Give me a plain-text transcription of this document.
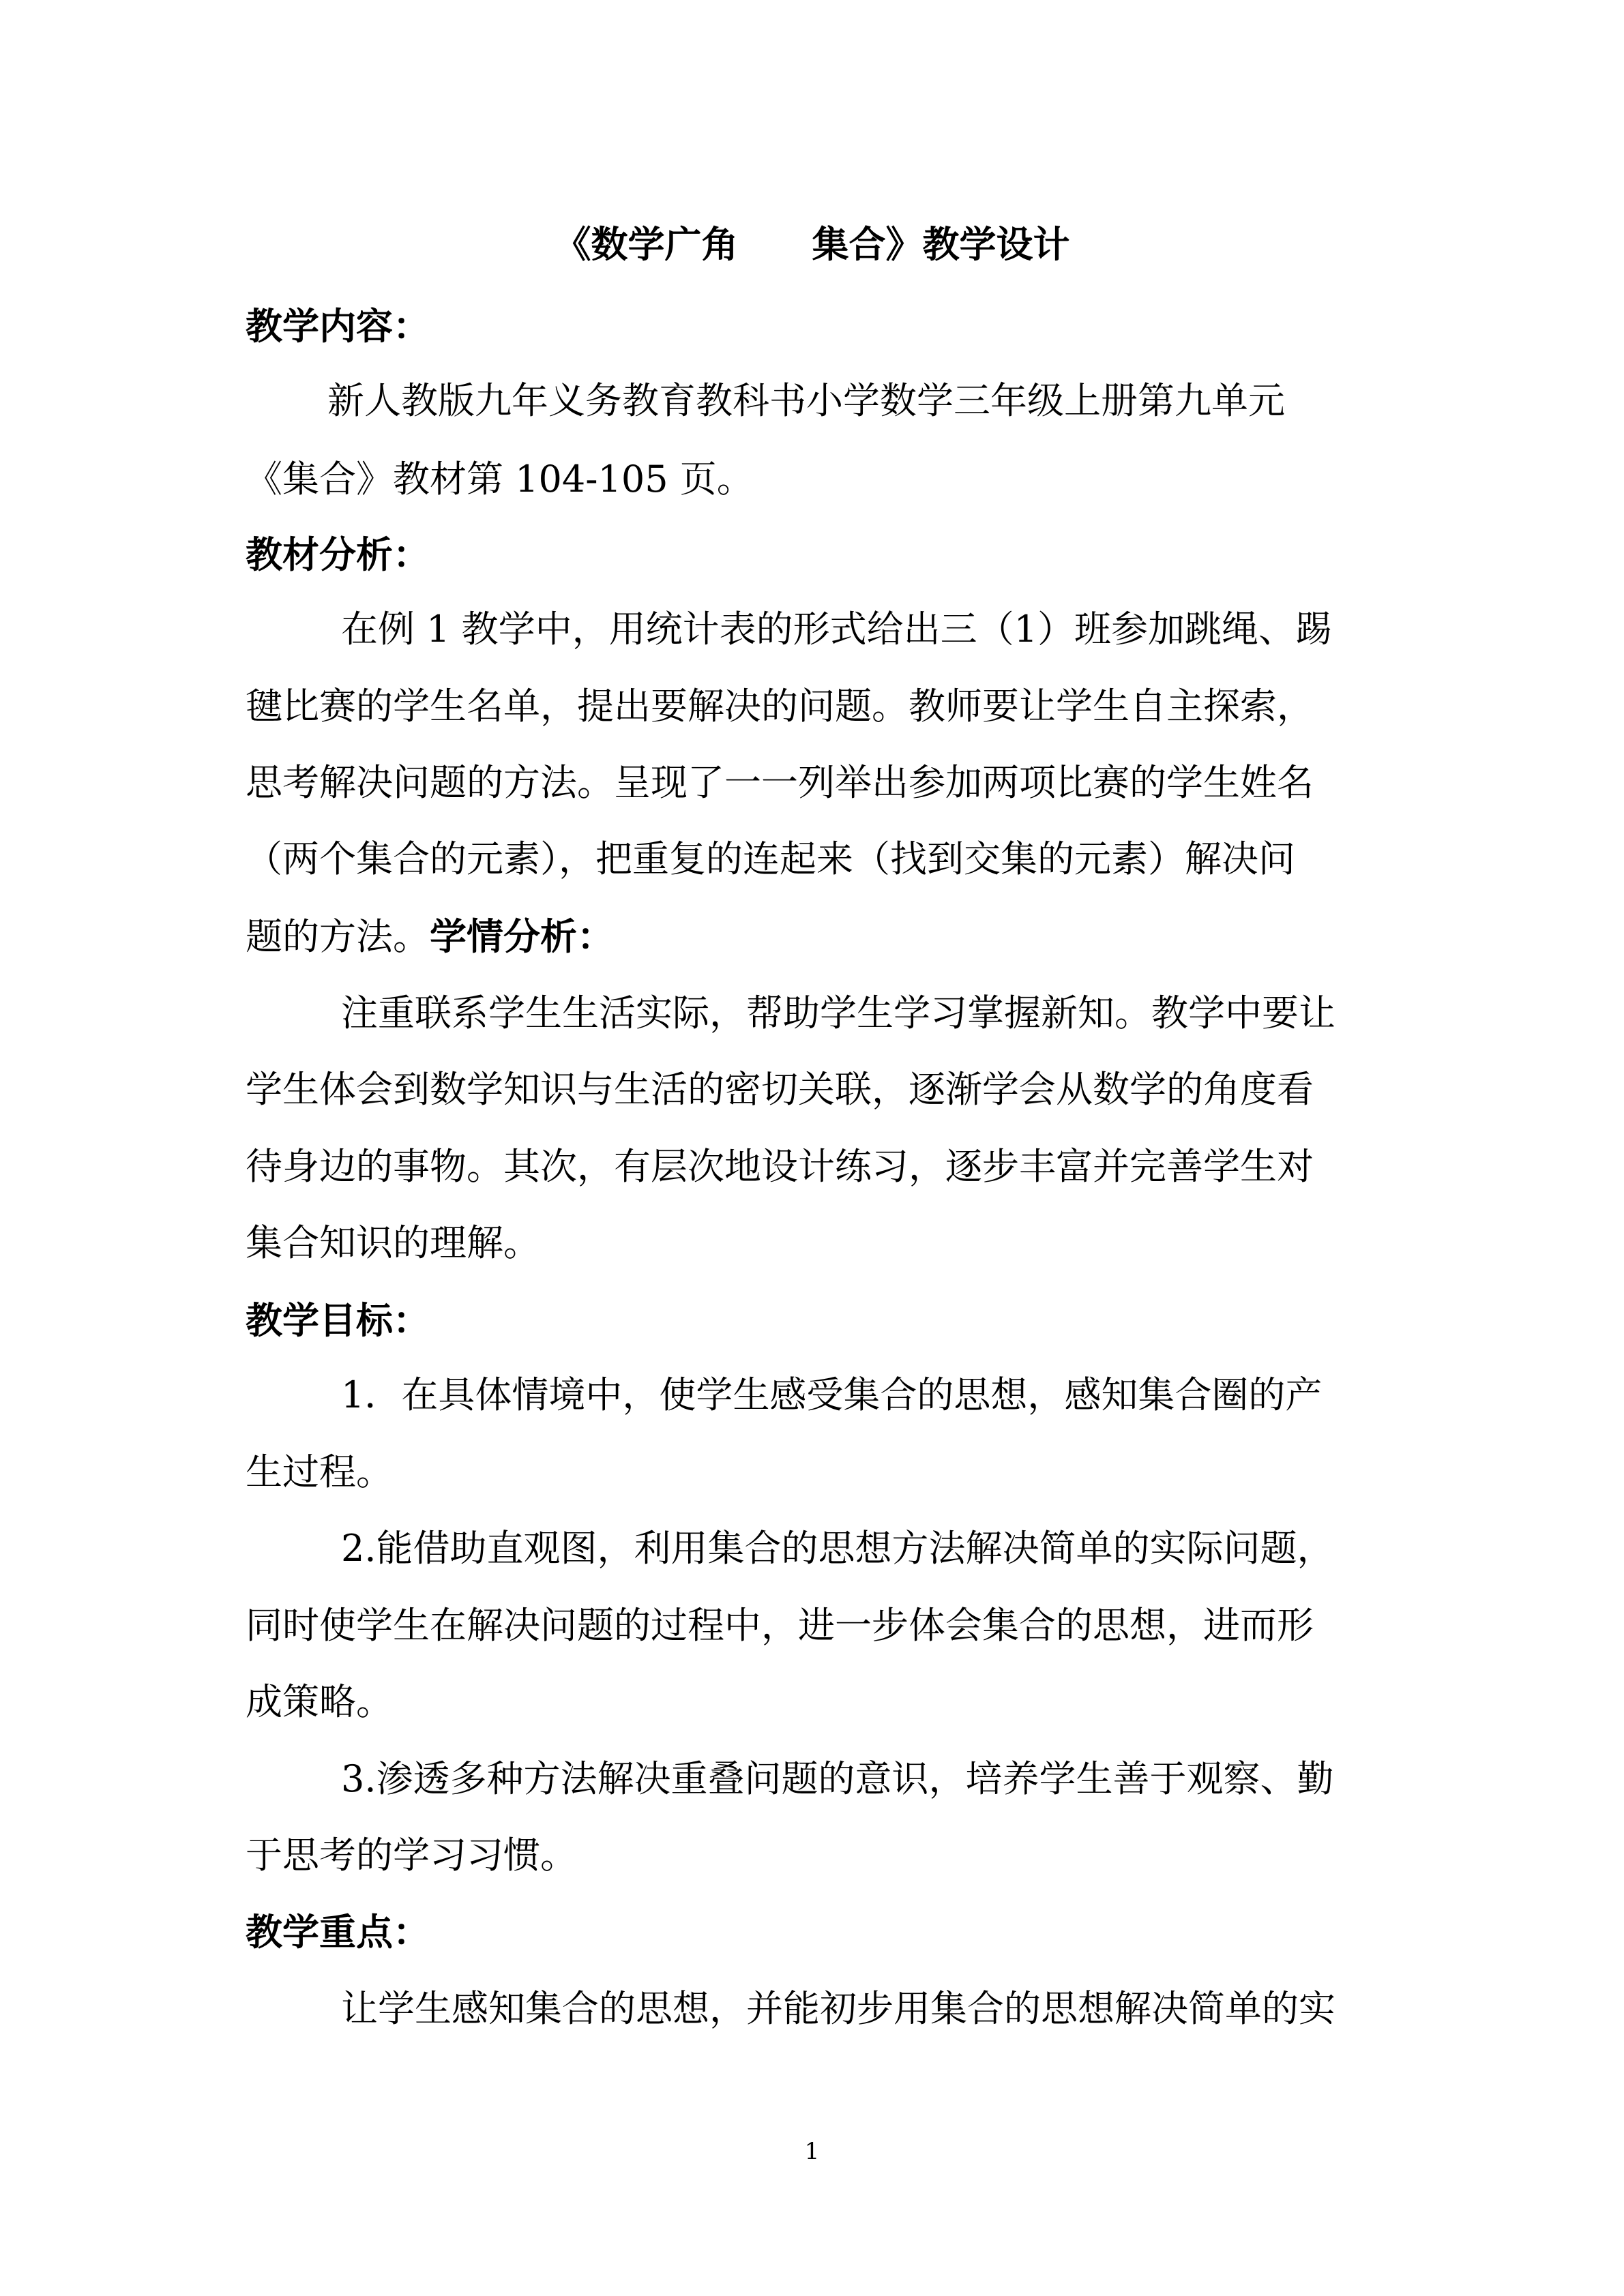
《数学广角　　集合》教学设计
教学内容：
新人教版九年义务教育教科书小学数学三年级上册第九单元
《集合》教材第 104-105 页。
教材分析：
在例 1 教学中，用统计表的形式给出三（1）班参加跳绳、踢
毽比赛的学生名单，提出要解决的问题。教师要让学生自主探索，
思考解决问题的方法。呈现了一一列举出参加两项比赛的学生姓名
（两个集合的元素），把重复的连起来（找到交集的元素）解决问
题的方法。学情分析：
注重联系学生生活实际，帮助学生学习掌握新知。教学中要让
学生体会到数学知识与生活的密切关联，逐渐学会从数学的角度看
待身边的事物。其次，有层次地设计练习，逐步丰富并完善学生对
集合知识的理解。
教学目标：
1．在具体情境中，使学生感受集合的思想，感知集合圈的产
生过程。
2.能借助直观图，利用集合的思想方法解决简单的实际问题，
同时使学生在解决问题的过程中，进一步体会集合的思想，进而形
成策略。
3.渗透多种方法解决重叠问题的意识，培养学生善于观察、勤
于思考的学习习惯。
教学重点：
让学生感知集合的思想，并能初步用集合的思想解决简单的实
1
